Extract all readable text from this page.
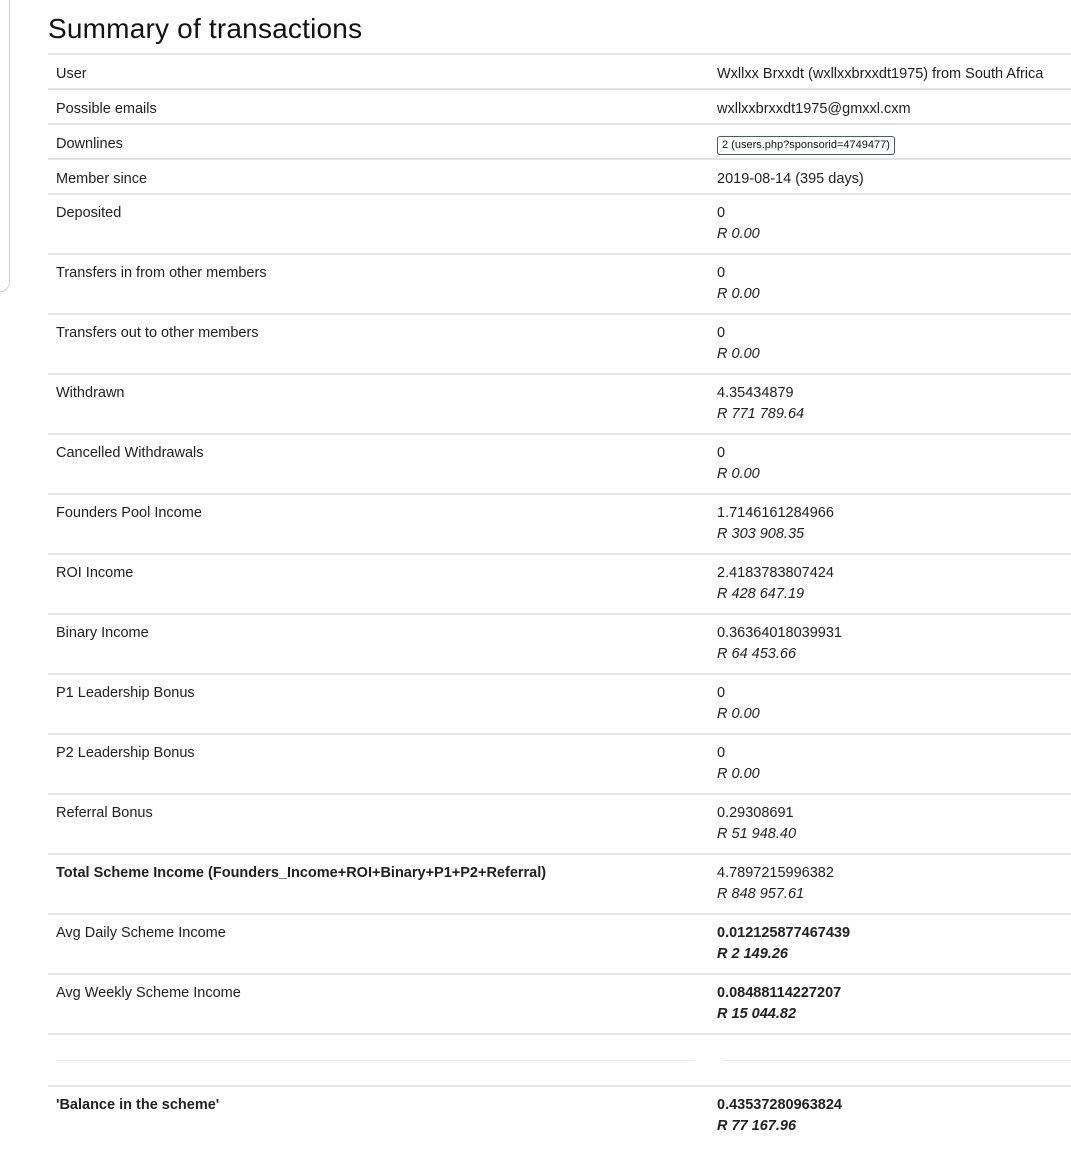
Summary of transactions
User	Wxllxx Brxxdt (wxllxxbrxxdt1975) from South Africa
Possible emails	wxllxxbrxxdt1975@gmxxl.cxm
Downlines	2 (users.php?sponsorid=4749477)
Member since	2019-08-14 (395 days)
Deposited	0
R 0.00

Transfers in from other members	0
R 0.00

Transfers out to other members	0
R 0.00

Withdrawn	4.35434879
R 771 789.64

Cancelled Withdrawals	0
R 0.00

Founders Pool Income	1.7146161284966
R 303 908.35

ROI Income	2.4183783807424
R 428 647.19

Binary Income	0.36364018039931
R 64 453.66

P1 Leadership Bonus	0
R 0.00

P2 Leadership Bonus	0
R 0.00

Referral Bonus	0.29308691
R 51 948.40

Total Scheme Income (Founders_Income+ROI+Binary+P1+P2+Referral)	4.7897215996382
R 848 957.61

Avg Daily Scheme Income	0.012125877467439
R 2 149.26

Avg Weekly Scheme Income	0.08488114227207
R 15 044.82

'Balance in the scheme'	0.43537280963824
R 77 167.96
